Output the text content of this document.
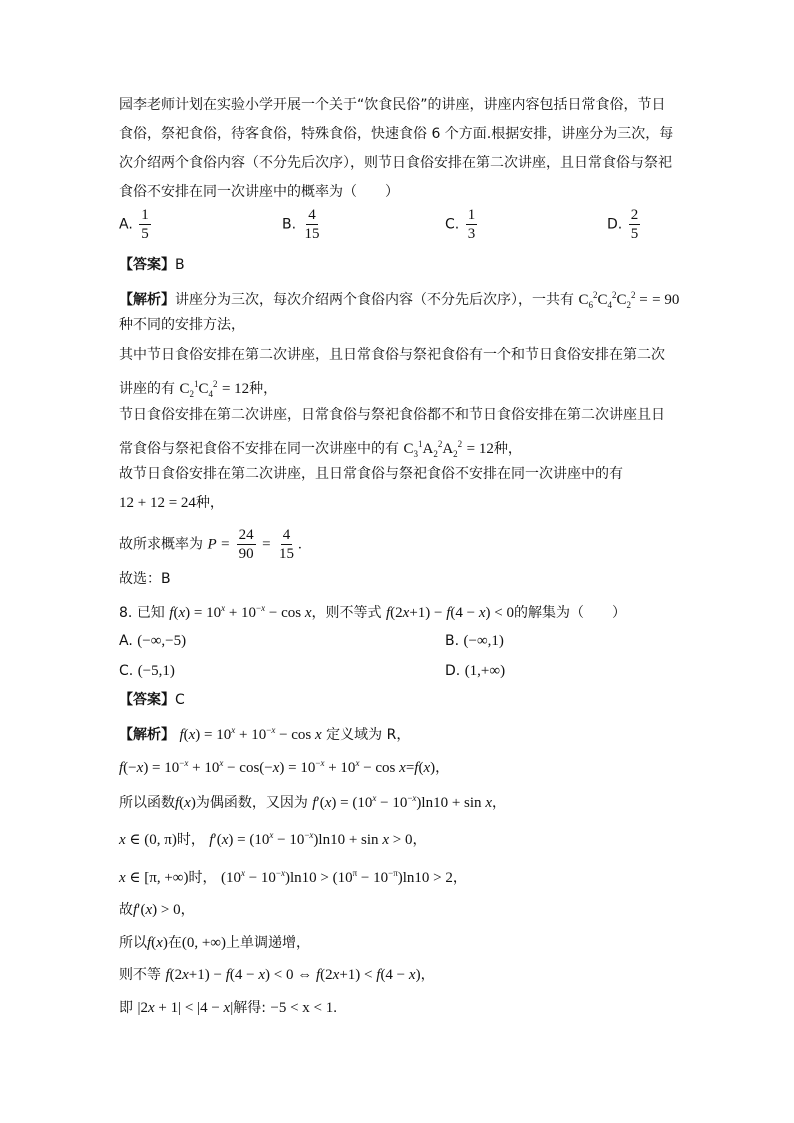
园李老师计划在实验小学开展一个关于“饮食民俗”的讲座，讲座内容包括日常食俗，节日
食俗，祭祀食俗，待客食俗，特殊食俗，快速食俗 6 个方面.根据安排，讲座分为三次，每
次介绍两个食俗内容（不分先后次序），则节日食俗安排在第二次讲座，且日常食俗与祭祀
食俗不安排在同一次讲座中的概率为（　　）
A. $\frac{1}{5}$	B. $\frac{4}{15}$	C. $\frac{1}{3}$	D. $\frac{2}{5}$
【答案】B
【解析】讲座分为三次，每次介绍两个食俗内容（不分先后次序），一共有 $C_6^2C_4^2C_2^2$ = = 90
种不同的安排方法，
其中节日食俗安排在第二次讲座，且日常食俗与祭祀食俗有一个和节日食俗安排在第二次
讲座的有 $C_2^1C_4^2 = 12$种，
节日食俗安排在第二次讲座，日常食俗与祭祀食俗都不和节日食俗安排在第二次讲座且日
常食俗与祭祀食俗不安排在同一次讲座中的有 $C_3^1A_2^2A_2^2 = 12$种，
故节日食俗安排在第二次讲座，且日常食俗与祭祀食俗不安排在同一次讲座中的有
12 + 12 = 24种，
故所求概率为 $P = \frac{24}{90} = \frac{4}{15}$ .
故选：B
8. 已知 $f(x) = 10^x + 10^{-x} - \cos x$，则不等式 f(2x+1) − f(4 − x) < 0的解集为（　　）
A. (−∞,−5)	B. (−∞,1)
C. (−5,1)	D. (1,+∞)
【答案】C
【解析】 $f(x) = 10^x + 10^{-x} - \cos x$ 定义域为 R，
$f(-x) = 10^{-x} + 10^x - \cos(-x) = 10^{-x} + 10^x - \cos x=f(x)$，
所以函数f(x)为偶函数，又因为 $f'(x) = (10^x - 10^{-x})\ln 10 + \sin x$，
x ∈ (0, π)时， $f'(x) = (10^x - 10^{-x})\ln 10 + \sin x > 0$，
x ∈ [π, +∞)时， $(10^x - 10^{-x})\ln 10 > (10^\pi - 10^{-\pi})\ln 10 > 2$，
故f′(x) > 0，
所以f(x)在(0, +∞)上单调递增，
则不等 f(2x+1) − f(4 − x) < 0 ⇔ f(2x+1) < f(4 − x)，
即 |2x + 1| < |4 − x|解得: −5 < x < 1.
